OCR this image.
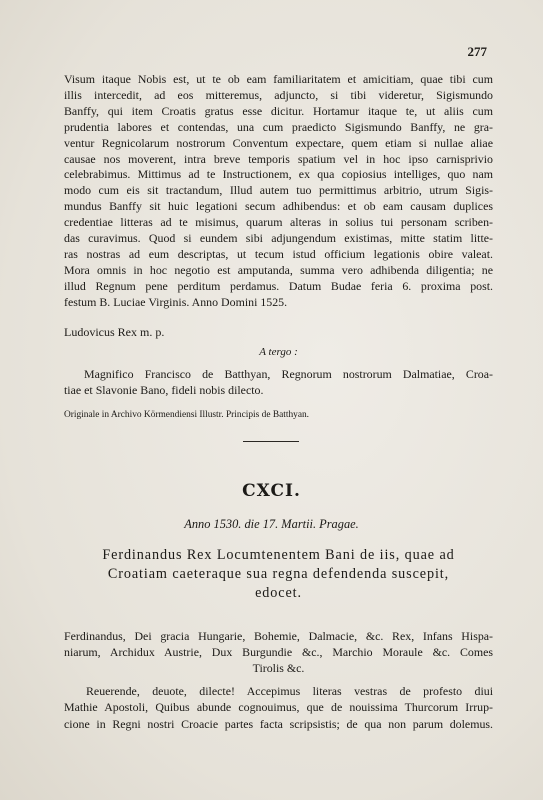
277

Visum itaque Nobis est, ut te ob eam familiaritatem et amicitiam, quae tibi cum
illis intercedit, ad eos mitteremus, adjuncto, si tibi videretur, Sigismundo
Banffy, qui item Croatis gratus esse dicitur. Hortamur itaque te, ut aliis cum
prudentia labores et contendas, una cum praedicto Sigismundo Banffy, ne gra-
ventur Regnicolarum nostrorum Conventum expectare, quem etiam si nullae aliae
causae nos moverent, intra breve temporis spatium vel in hoc ipso carnisprivio
celebrabimus. Mittimus ad te Instructionem, ex qua copiosius intelliges, quo nam
modo cum eis sit tractandum, Illud autem tuo permittimus arbitrio, utrum Sigis-
mundus Banffy sit huic legationi secum adhibendus: et ob eam causam duplices
credentiae litteras ad te misimus, quarum alteras in solius tui personam scriben-
das curavimus. Quod si eundem sibi adjungendum existimas, mitte statim litte-
ras nostras ad eum descriptas, ut tecum istud officium legationis obire valeat.
Mora omnis in hoc negotio est amputanda, summa vero adhibenda diligentia; ne
illud Regnum pene perditum perdamus. Datum Budae feria 6. proxima post.
festum B. Luciae Virginis. Anno Domini 1525.

Ludovicus Rex m. p.

A tergo :

Magnifico Francisco de Batthyan, Regnorum nostrorum Dalmatiae, Croa-
tiae et Slavonie Bano, fideli nobis dilecto.

Originale in Archivo Körmendiensi Illustr. Principis de Batthyan.

CXCI.
Anno 1530. die 17. Martii. Pragae.

Ferdinandus Rex Locumtenentem Bani de iis, quae ad
Croatiam caeteraque sua regna defendenda suscepit,
edocet.

Ferdinandus, Dei gracia Hungarie, Bohemie, Dalmacie, &c. Rex, Infans Hispa-
niarum, Archidux Austrie, Dux Burgundie &c., Marchio Moraule &c. Comes
Tirolis &c.

Reuerende, deuote, dilecte! Accepimus literas vestras de profesto diui
Mathie Apostoli, Quibus abunde cognouimus, que de nouissima Thurcorum Irrup-
cione in Regni nostri Croacie partes facta scripsistis; de qua non parum dolemus.
